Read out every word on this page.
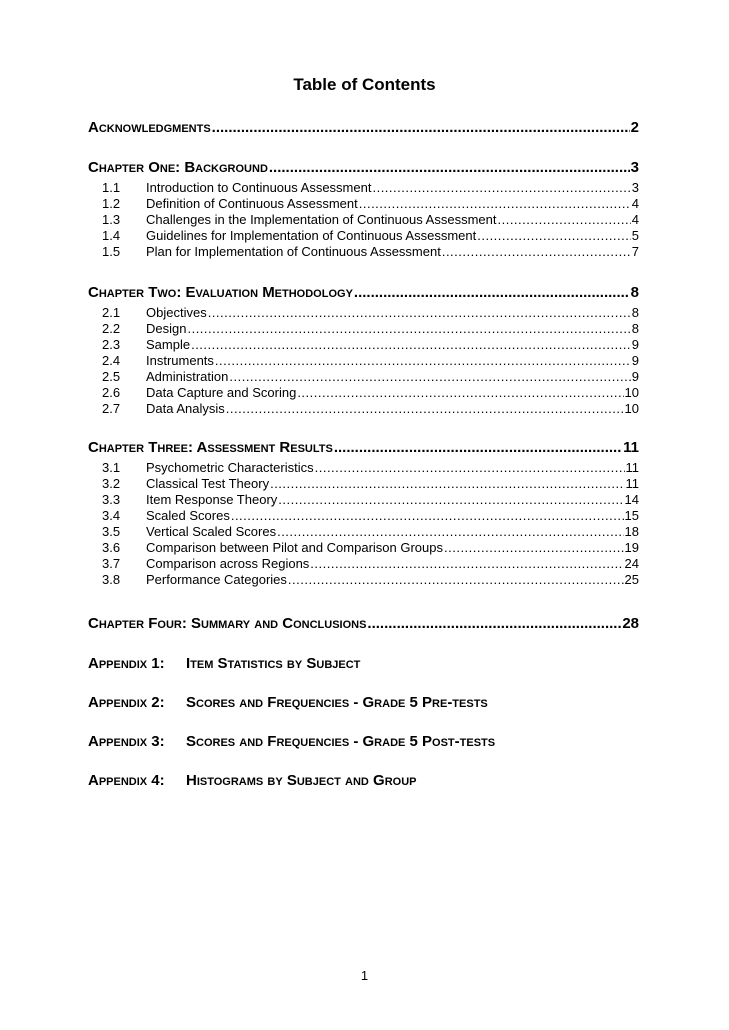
Table of Contents
Acknowledgments .....	2
Chapter One: Background .....	3
1.1	Introduction to Continuous Assessment .....	3
1.2	Definition of Continuous Assessment .....	4
1.3	Challenges in the Implementation of Continuous Assessment .....	4
1.4	Guidelines for Implementation of Continuous Assessment .....	5
1.5	Plan for Implementation of Continuous Assessment .....	7
Chapter Two: Evaluation Methodology .....	8
2.1	Objectives .....	8
2.2	Design .....	8
2.3	Sample .....	9
2.4	Instruments .....	9
2.5	Administration .....	9
2.6	Data Capture and Scoring .....	10
2.7	Data Analysis .....	10
Chapter Three: Assessment Results .....	11
3.1	Psychometric Characteristics .....	11
3.2	Classical Test Theory .....	11
3.3	Item Response Theory .....	14
3.4	Scaled Scores .....	15
3.5	Vertical Scaled Scores .....	18
3.6	Comparison between Pilot and Comparison Groups .....	19
3.7	Comparison across Regions .....	24
3.8	Performance Categories .....	25
Chapter Four: Summary and Conclusions .....	28
Appendix 1:	Item Statistics by Subject
Appendix 2:	Scores and Frequencies - Grade 5 Pre-tests
Appendix 3:	Scores and Frequencies - Grade 5 Post-tests
Appendix 4:	Histograms by Subject and Group
1
